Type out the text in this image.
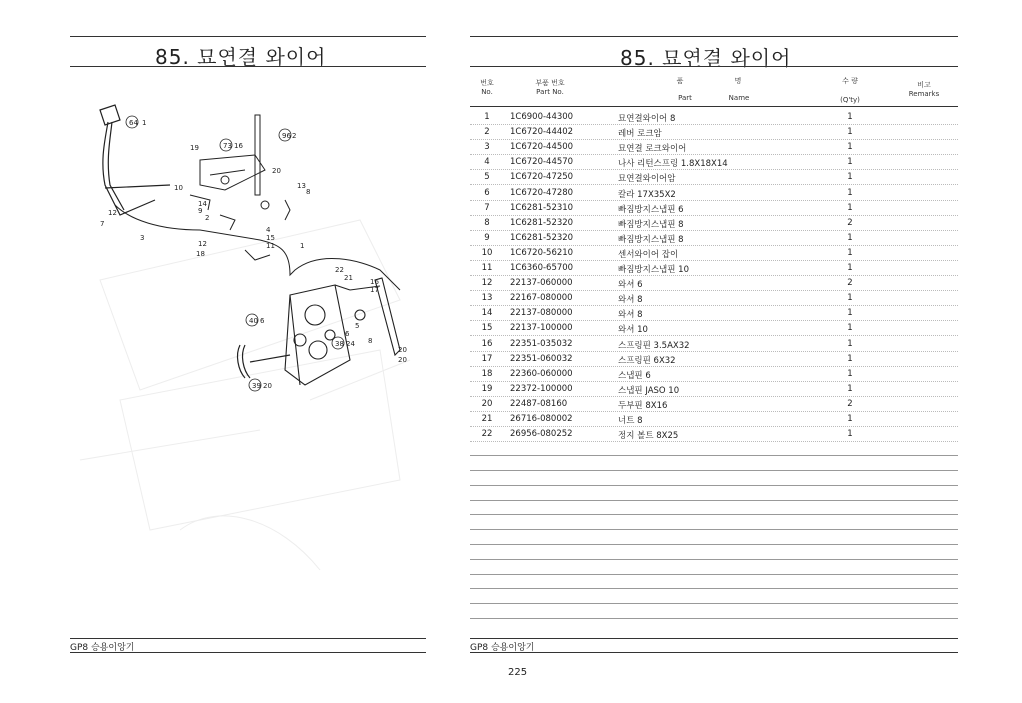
85. 묘연결 와이어
64 1
96 2
73 16
19
20
13
8
10
14
9
2
12
7
3
4
15
11	1
12
18
22
21 16
17
5
40 6
6
38 24 8
20
20
39 20
GP8 승용이앙기
85. 묘연결 와이어
번호
No.
부품 번호
Part No.
품	명
Part	Name
수 량
(Q'ty)
비고
Remarks
1	1C6900-44300	묘연결와이어 8	1
2	1C6720-44402	레버 로크암	1
3	1C6720-44500	묘연결 로크와이어	1
4	1C6720-44570	나사 리턴스프링 1.8X18X14	1
5	1C6720-47250	묘연결와이어암	1
6	1C6720-47280	칼라 17X35X2	1
7	1C6281-52310	빠짐방지스냅핀 6	1
8	1C6281-52320	빠짐방지스냅핀 8	2
9	1C6281-52320	빠짐방지스냅핀 8	1
10	1C6720-56210	센서와이어 잡이	1
11	1C6360-65700	빠짐방지스냅핀 10	1
12	22137-060000	와셔 6	2
13	22167-080000	와셔 8	1
14	22137-080000	와셔 8	1
15	22137-100000	와셔 10	1
16	22351-035032	스프링핀 3.5AX32	1
17	22351-060032	스프링핀 6X32	1
18	22360-060000	스냅핀 6	1
19	22372-100000	스냅핀 JASO 10	1
20	22487-08160	두부핀 8X16	2
21	26716-080002	너트 8	1
22	26956-080252	정지 볼트 8X25	1
GP8 승용이앙기
225
